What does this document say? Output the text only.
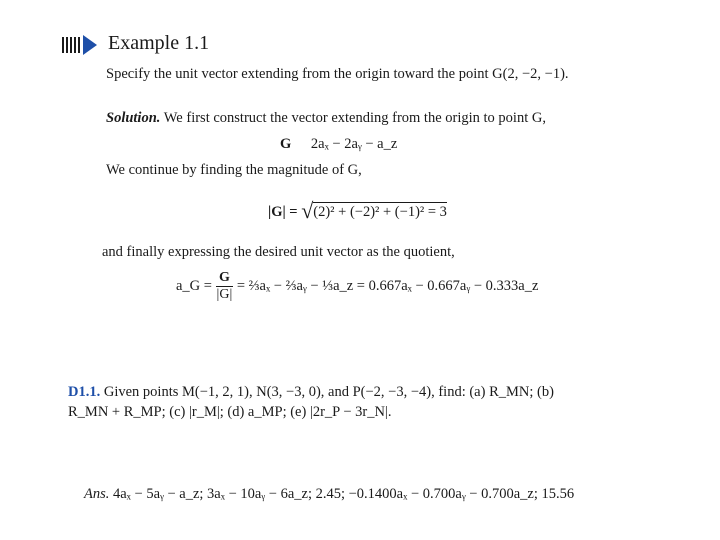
Example 1.1
Specify the unit vector extending from the origin toward the point G(2, −2, −1).
Solution. We first construct the vector extending from the origin to point G,
G 2aₓ − 2aᵧ − a_z
We continue by finding the magnitude of G,
|G| = √(2)² + (−2)² + (−1)² = 3
and finally expressing the desired unit vector as the quotient,
a_G = $\frac{G}{|G|}$ = ⅔aₓ − ⅔aᵧ − ⅓a_z = 0.667aₓ − 0.667aᵧ − 0.333a_z
D1.1. Given points M(−1, 2, 1), N(3, −3, 0), and P(−2, −3, −4), find: (a) R_MN; (b)
R_MN + R_MP; (c) |r_M|; (d) a_MP; (e) |2r_P − 3r_N|.
Ans. 4aₓ − 5aᵧ − a_z; 3aₓ − 10aᵧ − 6a_z; 2.45; −0.1400aₓ − 0.700aᵧ − 0.700a_z; 15.56
